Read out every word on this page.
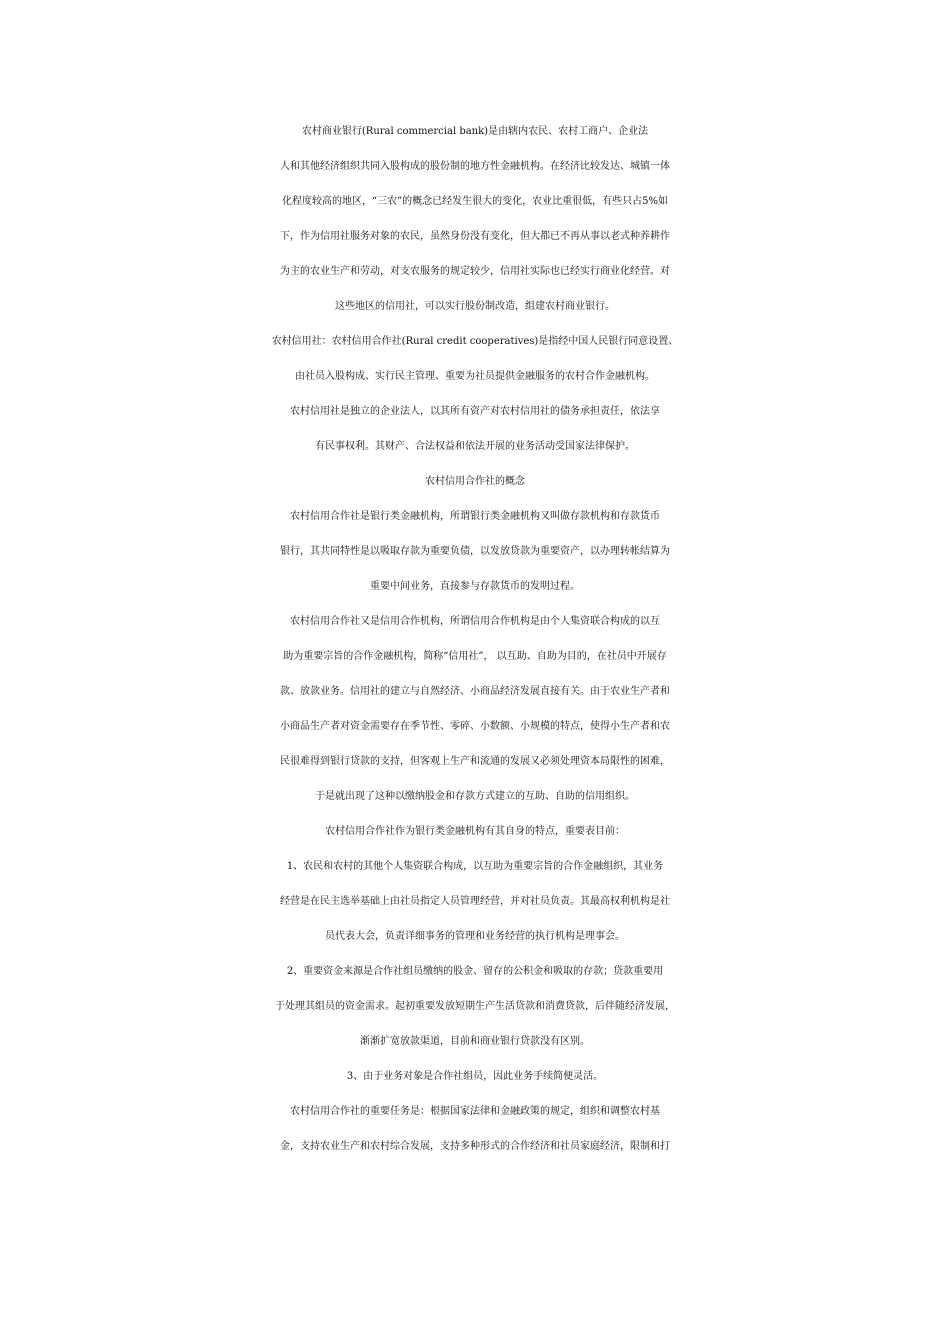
农村商业银行(Rural commercial bank)是由辖内农民、农村工商户、企业法
人和其他经济组织共同入股构成的股份制的地方性金融机构。在经济比较发达、城镇一体
化程度较高的地区，“三农”的概念已经发生很大的变化，农业比重很低，有些只占5%如
下，作为信用社服务对象的农民，虽然身份没有变化，但大都已不再从事以老式种养耕作
为主的农业生产和劳动，对支农服务的规定较少，信用社实际也已经实行商业化经营。对
这些地区的信用社，可以实行股份制改造，组建农村商业银行。
农村信用社：农村信用合作社(Rural credit cooperatives)是指经中国人民银行同意设置、
由社员入股构成、实行民主管理、重要为社员提供金融服务的农村合作金融机构。
农村信用社是独立的企业法人，以其所有资产对农村信用社的债务承担责任，依法享
有民事权利。其财产、合法权益和依法开展的业务活动受国家法律保护。
农村信用合作社的概念
农村信用合作社是银行类金融机构，所谓银行类金融机构又叫做存款机构和存款货币
银行，其共同特性是以吸取存款为重要负债，以发放贷款为重要资产，以办理转帐结算为
重要中间业务，直接参与存款货币的发明过程。
农村信用合作社又是信用合作机构，所谓信用合作机构是由个人集资联合构成的以互
助为重要宗旨的合作金融机构，简称“信用社”， 以互助、自助为目的，在社员中开展存
款、放款业务。信用社的建立与自然经济、小商品经济发展直接有关。由于农业生产者和
小商品生产者对资金需要存在季节性、零碎、小数额、小规模的特点，使得小生产者和农
民很难得到银行贷款的支持，但客观上生产和流通的发展又必须处理资本局限性的困难，
于是就出现了这种以缴纳股金和存款方式建立的互助、自助的信用组织。
农村信用合作社作为银行类金融机构有其自身的特点，重要表目前：
1、农民和农村的其他个人集资联合构成，以互助为重要宗旨的合作金融组织，其业务
经营是在民主选举基础上由社员指定人员管理经营，并对社员负责。其最高权利机构是社
员代表大会，负责详细事务的管理和业务经营的执行机构是理事会。
2、重要资金来源是合作社组员缴纳的股金、留存的公积金和吸取的存款；贷款重要用
于处理其组员的资金需求。起初重要发放短期生产生活贷款和消费贷款，后伴随经济发展，
渐渐扩宽放款渠道，目前和商业银行贷款没有区别。
3、由于业务对象是合作社组员，因此业务手续简便灵活。
农村信用合作社的重要任务是：根据国家法律和金融政策的规定，组织和调整农村基
金，支持农业生产和农村综合发展，支持多种形式的合作经济和社员家庭经济，限制和打
